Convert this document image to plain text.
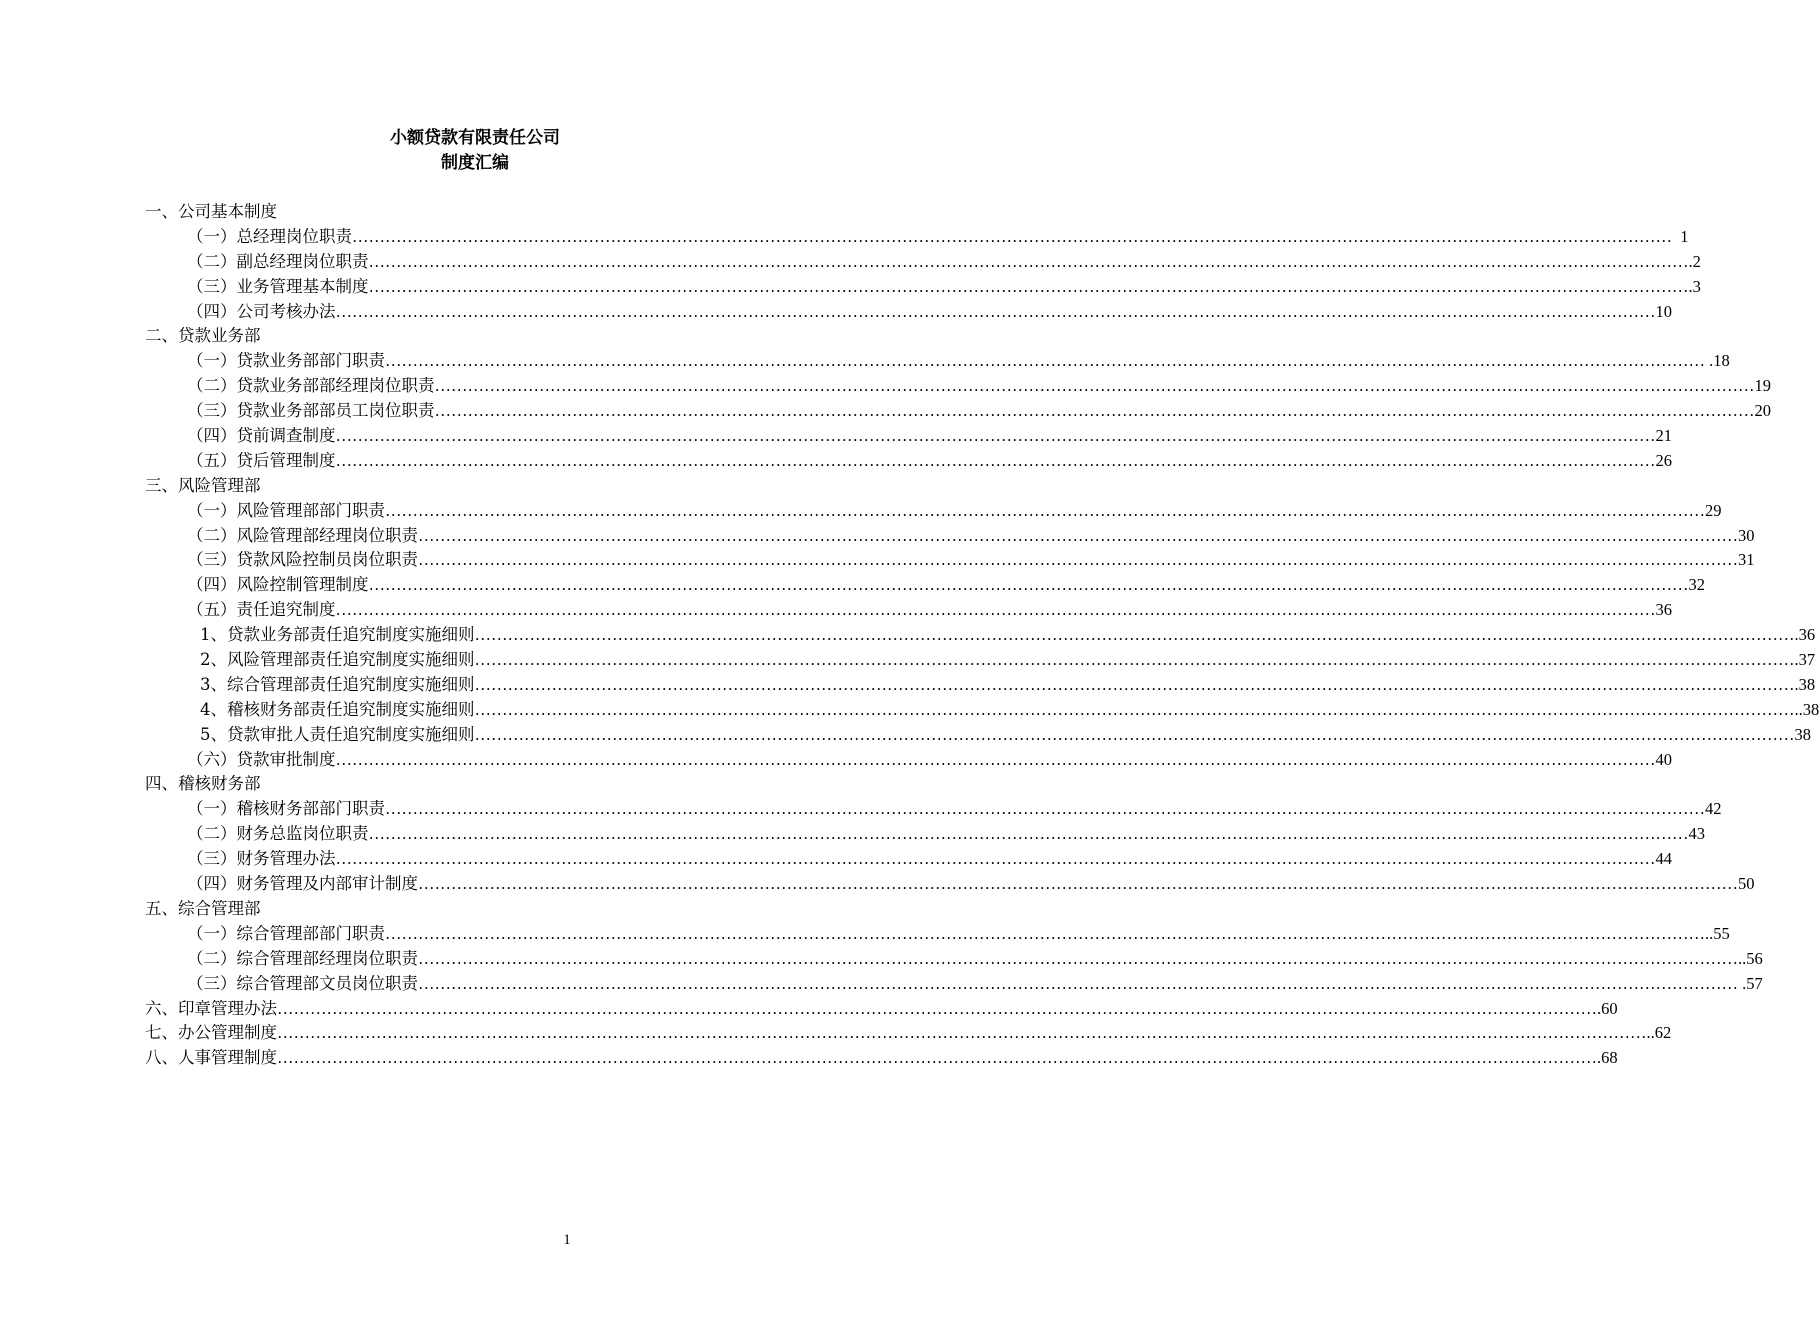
小额贷款有限责任公司
制度汇编
一、公司基本制度
（一）总经理岗位职责 …………………………………………………………………………………………………………………………………………………………………………………………………………………… 1
（二）副总经理岗位职责 …………………………………………………………………………………………………………………………………………………………………………………………………………………… .2
（三）业务管理基本制度 …………………………………………………………………………………………………………………………………………………………………………………………………………………… .3
（四）公司考核办法 …………………………………………………………………………………………………………………………………………………………………………………………………………………… 10
二、贷款业务部
（一）贷款业务部部门职责 …………………………………………………………………………………………………………………………………………………………………………………………………………………… .18
（二）贷款业务部部经理岗位职责 …………………………………………………………………………………………………………………………………………………………………………………………………………………… 19
（三）贷款业务部部员工岗位职责 …………………………………………………………………………………………………………………………………………………………………………………………………………………… 20
（四）贷前调查制度 …………………………………………………………………………………………………………………………………………………………………………………………………………………… 21
（五）贷后管理制度 …………………………………………………………………………………………………………………………………………………………………………………………………………………… 26
三、风险管理部
（一）风险管理部部门职责 …………………………………………………………………………………………………………………………………………………………………………………………………………………… 29
（二）风险管理部经理岗位职责 …………………………………………………………………………………………………………………………………………………………………………………………………………………… 30
（三）贷款风险控制员岗位职责 …………………………………………………………………………………………………………………………………………………………………………………………………………………… 31
（四）风险控制管理制度 …………………………………………………………………………………………………………………………………………………………………………………………………………………… 32
（五）责任追究制度 …………………………………………………………………………………………………………………………………………………………………………………………………………………… 36
1、贷款业务部责任追究制度实施细则 …………………………………………………………………………………………………………………………………………………………………………………………………………………… .36
2、风险管理部责任追究制度实施细则 …………………………………………………………………………………………………………………………………………………………………………………………………………………… .37
3、综合管理部责任追究制度实施细则 …………………………………………………………………………………………………………………………………………………………………………………………………………………… .38
4、稽核财务部责任追究制度实施细则 …………………………………………………………………………………………………………………………………………………………………………………………………………………… ..38
5、贷款审批人责任追究制度实施细则 …………………………………………………………………………………………………………………………………………………………………………………………………………………… 38
（六）贷款审批制度 …………………………………………………………………………………………………………………………………………………………………………………………………………………… 40
四、稽核财务部
（一）稽核财务部部门职责 …………………………………………………………………………………………………………………………………………………………………………………………………………………… 42
（二）财务总监岗位职责 …………………………………………………………………………………………………………………………………………………………………………………………………………………… 43
（三）财务管理办法 …………………………………………………………………………………………………………………………………………………………………………………………………………………… 44
（四）财务管理及内部审计制度 …………………………………………………………………………………………………………………………………………………………………………………………………………………… 50
五、综合管理部
（一）综合管理部部门职责 …………………………………………………………………………………………………………………………………………………………………………………………………………………… ..55
（二）综合管理部经理岗位职责 …………………………………………………………………………………………………………………………………………………………………………………………………………………… ..56
（三）综合管理部文员岗位职责 …………………………………………………………………………………………………………………………………………………………………………………………………………………… .57
六、印章管理办法 …………………………………………………………………………………………………………………………………………………………………………………………………………………… .60
七、办公管理制度 …………………………………………………………………………………………………………………………………………………………………………………………………………………… ………..62
八、人事管理制度 …………………………………………………………………………………………………………………………………………………………………………………………………………………… .68
1
